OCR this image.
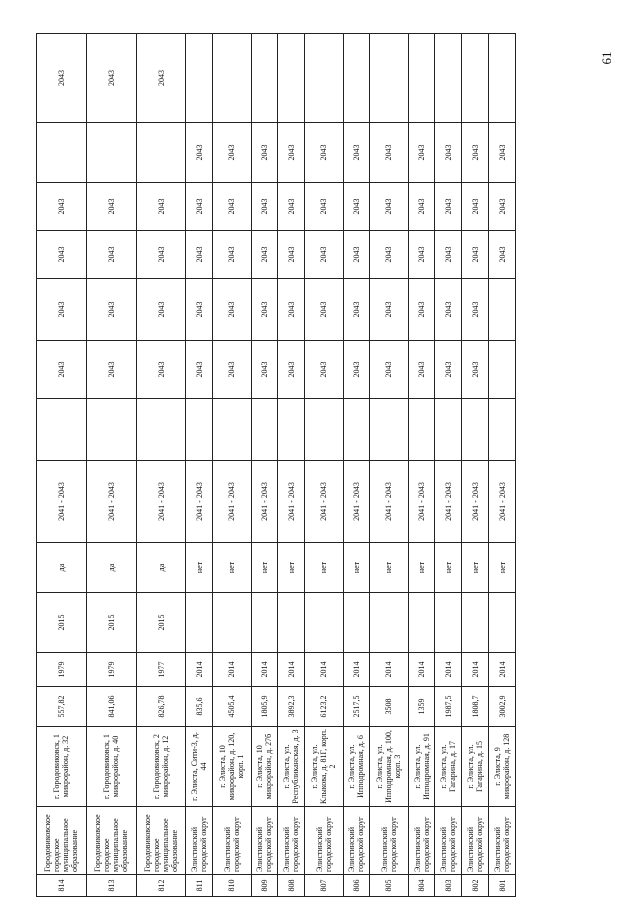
814	Городовиковское городское муниципальное образование	г. Городовиковск, 1 микрорайон, д. 32	557,82	1979	2015	да	2041 - 2043		2043	2043	2043	2043		2043
813	Городовиковское городское муниципальное образование	г. Городовиковск, 1 микрорайон, д. 40	841,06	1979	2015	да	2041 - 2043		2043	2043	2043	2043		2043
812	Городовиковское городское муниципальное образование	г. Городовиковск, 2 микрорайон, д. 12	826,78	1977	2015	да	2041 - 2043		2043	2043	2043	2043		2043
811	Элистинский городской округ	г. Элиста, Сити-3, д. 44	835,6	2014		нет	2041 - 2043		2043	2043	2043	2043	2043	
810	Элистинский городской округ	г. Элиста, 10 микрорайон, д. 120, корп. 1	4505,4	2014		нет	2041 - 2043		2043	2043	2043	2043	2043	
809	Элистинский городской округ	г. Элиста, 10 микрорайон, д. 27б	1805,9	2014		нет	2041 - 2043		2043	2043	2043	2043	2043	
808	Элистинский городской округ	г. Элиста, ул. Республиканская, д. 3	3892,3	2014		нет	2041 - 2043		2043	2043	2043	2043	2043	
807	Элистинский городской округ	г. Элиста, ул. Клыкова, д. 81Г, корп. 2	6123,2	2014		нет	2041 - 2043		2043	2043	2043	2043	2043	
806	Элистинский городской округ	г. Элиста, ул. Ипподромная, д. 6	2517,5	2014		нет	2041 - 2043		2043	2043	2043	2043	2043	
805	Элистинский городской округ	г. Элиста, ул. Ипподромная, д. 100, корп. 3	3508	2014		нет	2041 - 2043		2043	2043	2043	2043	2043	
804	Элистинский городской округ	г. Элиста, ул. Ипподромная, д. 91	1359	2014		нет	2041 - 2043		2043	2043	2043	2043	2043	
803	Элистинский городской округ	г. Элиста, ул. Гагарина, д. 17	1987,5	2014		нет	2041 - 2043		2043	2043	2043	2043	2043	
802	Элистинский городской округ	г. Элиста, ул. Гагарина, д. 15	1808,7	2014		нет	2041 - 2043		2043	2043	2043	2043	2043	
801	Элистинский городской округ	г. Элиста, 9 микрорайон, д. 128	3002,9	2014		нет	2041 - 2043				2043	2043	2043	
61
